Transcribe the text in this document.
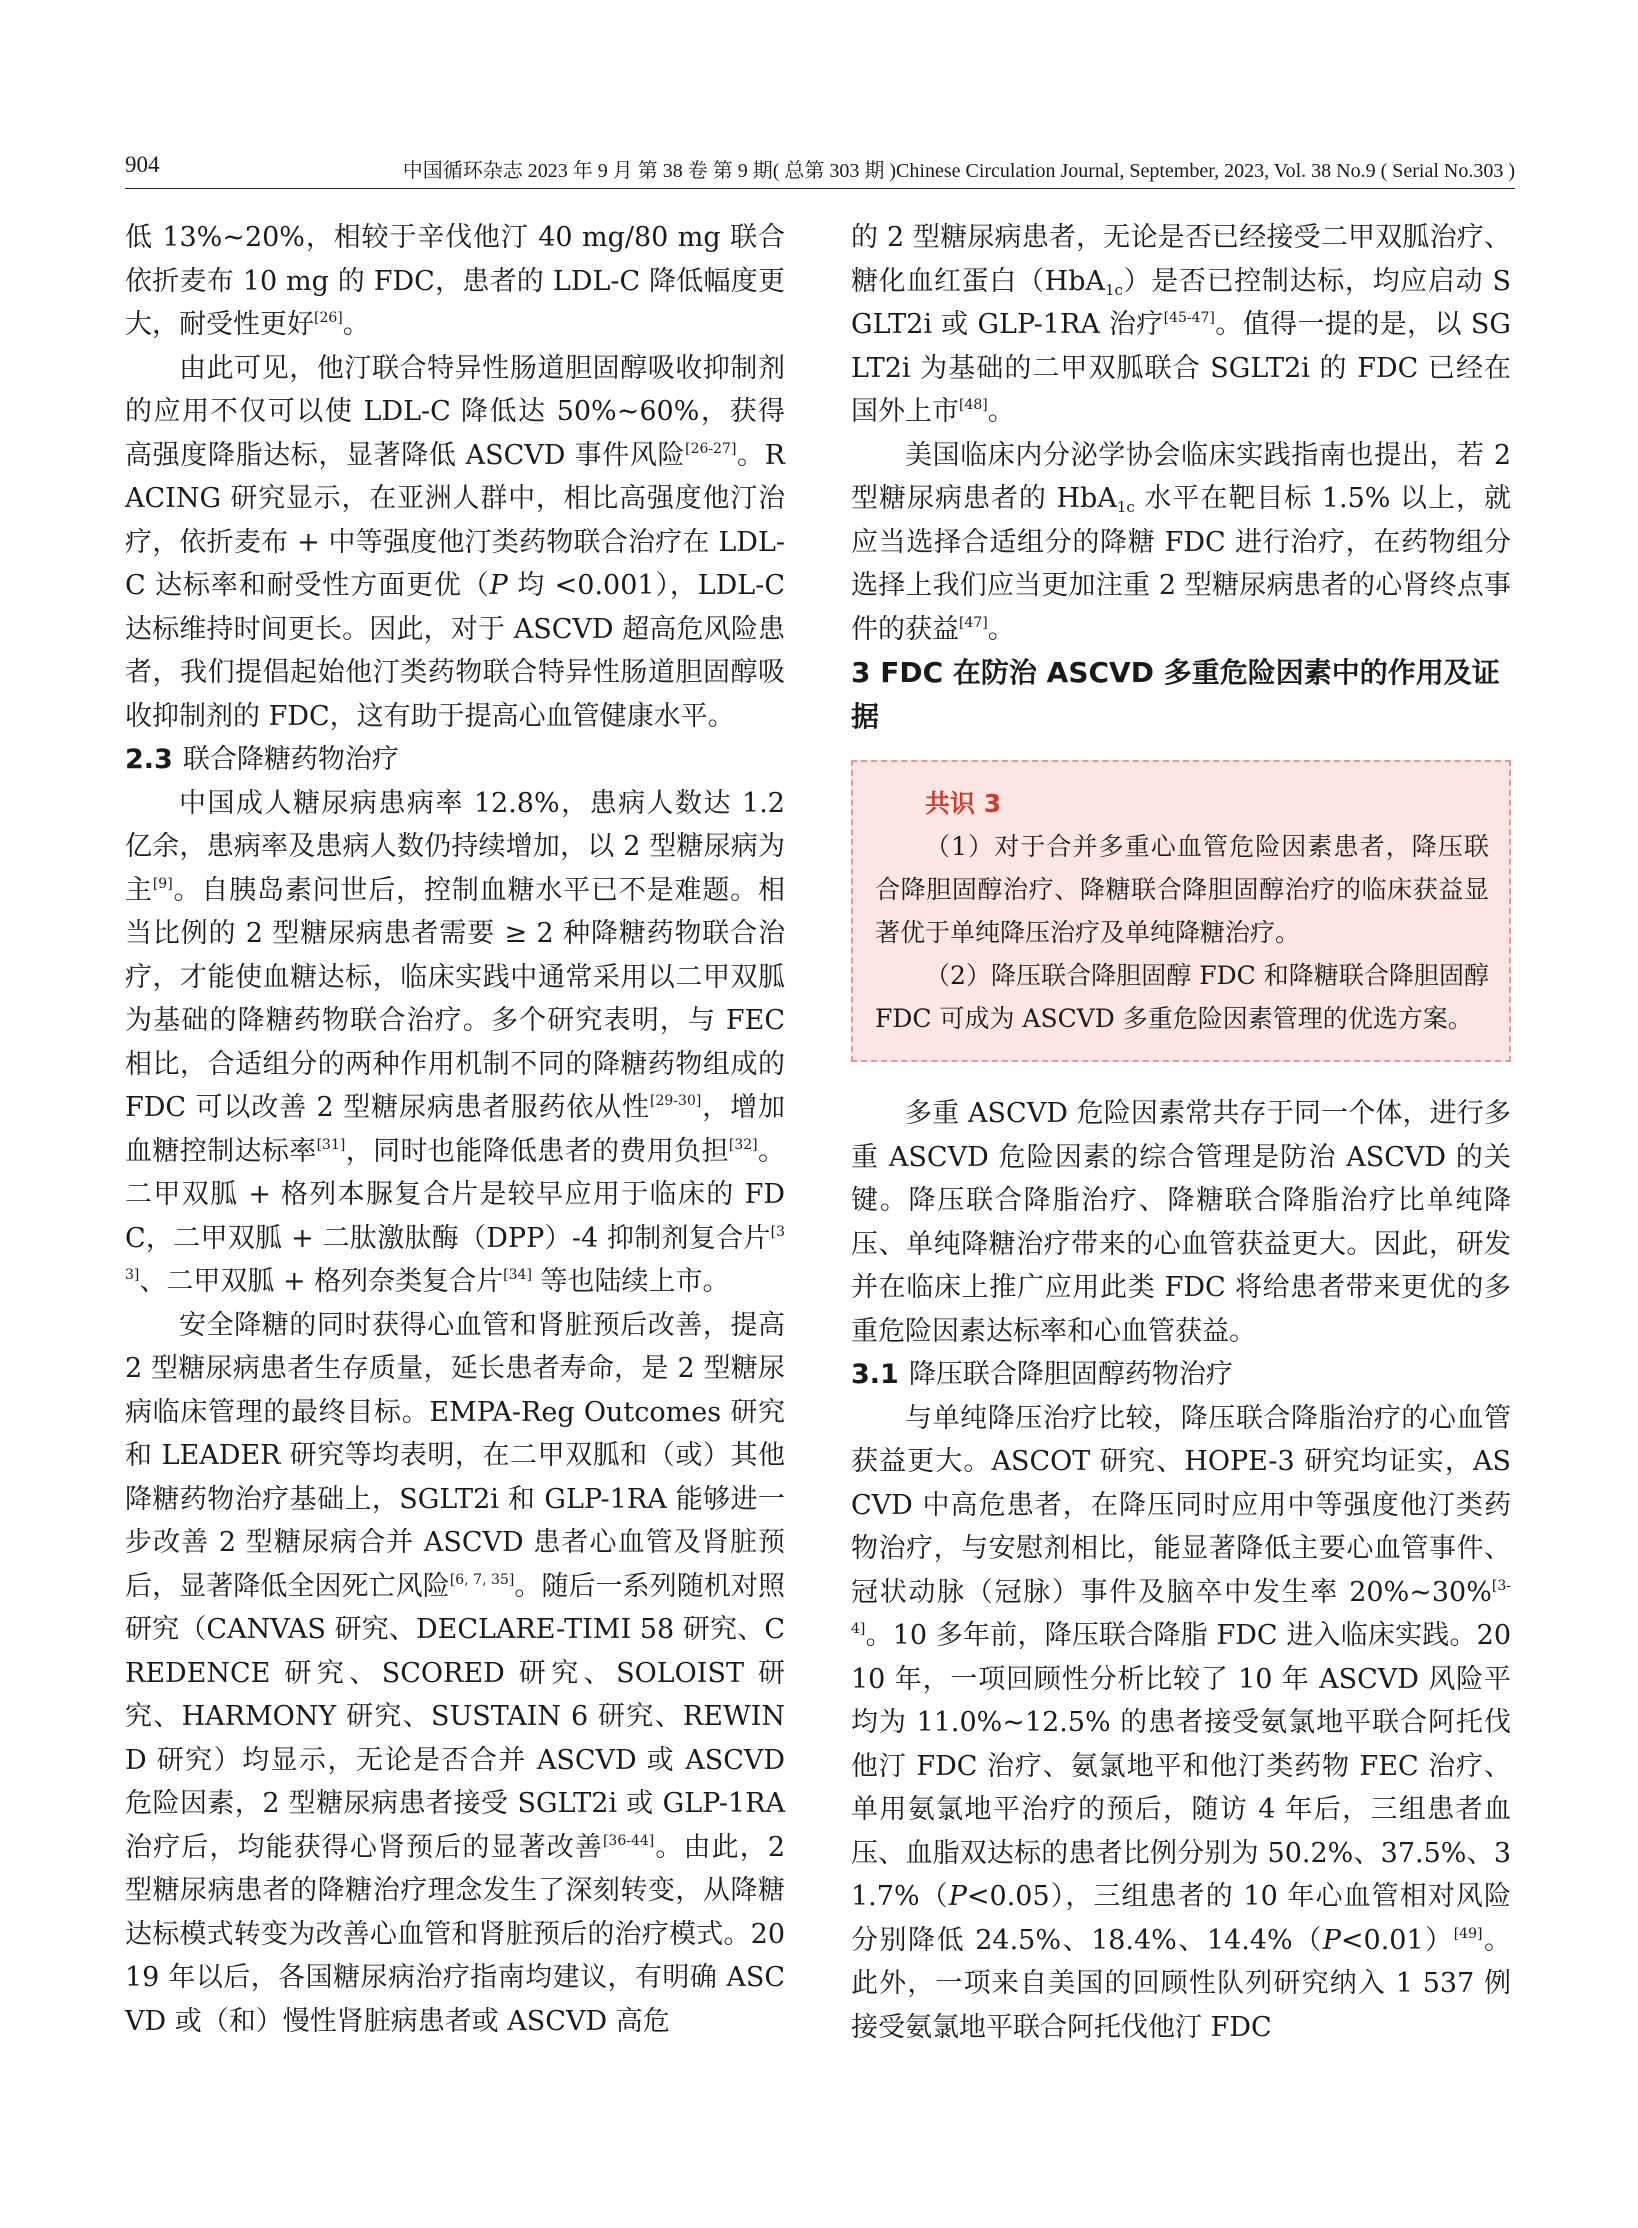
904	中国循环杂志 2023 年 9 月 第 38 卷 第 9 期( 总第 303 期 )Chinese Circulation Journal, September, 2023, Vol. 38 No.9 ( Serial No.303 )

低 13%~20%，相较于辛伐他汀 40 mg/80 mg 联合依折麦布 10 mg 的 FDC，患者的 LDL-C 降低幅度更大，耐受性更好[26]。

由此可见，他汀联合特异性肠道胆固醇吸收抑制剂的应用不仅可以使 LDL-C 降低达 50%~60%，获得高强度降脂达标，显著降低 ASCVD 事件风险[26-27]。RACING 研究显示，在亚洲人群中，相比高强度他汀治疗，依折麦布 + 中等强度他汀类药物联合治疗在 LDL-C 达标率和耐受性方面更优（P 均 <0.001），LDL-C 达标维持时间更长。因此，对于 ASCVD 超高危风险患者，我们提倡起始他汀类药物联合特异性肠道胆固醇吸收抑制剂的 FDC，这有助于提高心血管健康水平。

2.3 联合降糖药物治疗

中国成人糖尿病患病率 12.8%，患病人数达 1.2 亿余，患病率及患病人数仍持续增加，以 2 型糖尿病为主[9]。自胰岛素问世后，控制血糖水平已不是难题。相当比例的 2 型糖尿病患者需要 ≥ 2 种降糖药物联合治疗，才能使血糖达标，临床实践中通常采用以二甲双胍为基础的降糖药物联合治疗。多个研究表明，与 FEC 相比，合适组分的两种作用机制不同的降糖药物组成的 FDC 可以改善 2 型糖尿病患者服药依从性[29-30]，增加血糖控制达标率[31]，同时也能降低患者的费用负担[32]。二甲双胍 + 格列本脲复合片是较早应用于临床的 FDC，二甲双胍 + 二肽激肽酶（DPP）-4 抑制剂复合片[33]、二甲双胍 + 格列奈类复合片[34] 等也陆续上市。

安全降糖的同时获得心血管和肾脏预后改善，提高 2 型糖尿病患者生存质量，延长患者寿命，是 2 型糖尿病临床管理的最终目标。EMPA-Reg Outcomes 研究和 LEADER 研究等均表明，在二甲双胍和（或）其他降糖药物治疗基础上，SGLT2i 和 GLP-1RA 能够进一步改善 2 型糖尿病合并 ASCVD 患者心血管及肾脏预后，显著降低全因死亡风险[6, 7, 35]。随后一系列随机对照研究（CANVAS 研究、DECLARE-TIMI 58 研究、CREDENCE 研究、SCORED 研究、SOLOIST 研究、HARMONY 研究、SUSTAIN 6 研究、REWIND 研究）均显示，无论是否合并 ASCVD 或 ASCVD 危险因素，2 型糖尿病患者接受 SGLT2i 或 GLP-1RA 治疗后，均能获得心肾预后的显著改善[36-44]。由此，2 型糖尿病患者的降糖治疗理念发生了深刻转变，从降糖达标模式转变为改善心血管和肾脏预后的治疗模式。2019 年以后，各国糖尿病治疗指南均建议，有明确 ASCVD 或（和）慢性肾脏病患者或 ASCVD 高危

的 2 型糖尿病患者，无论是否已经接受二甲双胍治疗、糖化血红蛋白（HbA$_{1c}$）是否已控制达标，均应启动 SGLT2i 或 GLP-1RA 治疗[45-47]。值得一提的是，以 SGLT2i 为基础的二甲双胍联合 SGLT2i 的 FDC 已经在国外上市[48]。

美国临床内分泌学协会临床实践指南也提出，若 2 型糖尿病患者的 HbA$_{1c}$ 水平在靶目标 1.5% 以上，就应当选择合适组分的降糖 FDC 进行治疗，在药物组分选择上我们应当更加注重 2 型糖尿病患者的心肾终点事件的获益[47]。

3 FDC 在防治 ASCVD 多重危险因素中的作用及证据

共识 3

（1）对于合并多重心血管危险因素患者，降压联合降胆固醇治疗、降糖联合降胆固醇治疗的临床获益显著优于单纯降压治疗及单纯降糖治疗。

（2）降压联合降胆固醇 FDC 和降糖联合降胆固醇 FDC 可成为 ASCVD 多重危险因素管理的优选方案。

多重 ASCVD 危险因素常共存于同一个体，进行多重 ASCVD 危险因素的综合管理是防治 ASCVD 的关键。降压联合降脂治疗、降糖联合降脂治疗比单纯降压、单纯降糖治疗带来的心血管获益更大。因此，研发并在临床上推广应用此类 FDC 将给患者带来更优的多重危险因素达标率和心血管获益。

3.1 降压联合降胆固醇药物治疗

与单纯降压治疗比较，降压联合降脂治疗的心血管获益更大。ASCOT 研究、HOPE-3 研究均证实，ASCVD 中高危患者，在降压同时应用中等强度他汀类药物治疗，与安慰剂相比，能显著降低主要心血管事件、冠状动脉（冠脉）事件及脑卒中发生率 20%~30%[3-4]。10 多年前，降压联合降脂 FDC 进入临床实践。2010 年，一项回顾性分析比较了 10 年 ASCVD 风险平均为 11.0%~12.5% 的患者接受氨氯地平联合阿托伐他汀 FDC 治疗、氨氯地平和他汀类药物 FEC 治疗、单用氨氯地平治疗的预后，随访 4 年后，三组患者血压、血脂双达标的患者比例分别为 50.2%、37.5%、31.7%（P<0.05），三组患者的 10 年心血管相对风险分别降低 24.5%、18.4%、14.4%（P<0.01）[49]。此外，一项来自美国的回顾性队列研究纳入 1 537 例接受氨氯地平联合阿托伐他汀 FDC
